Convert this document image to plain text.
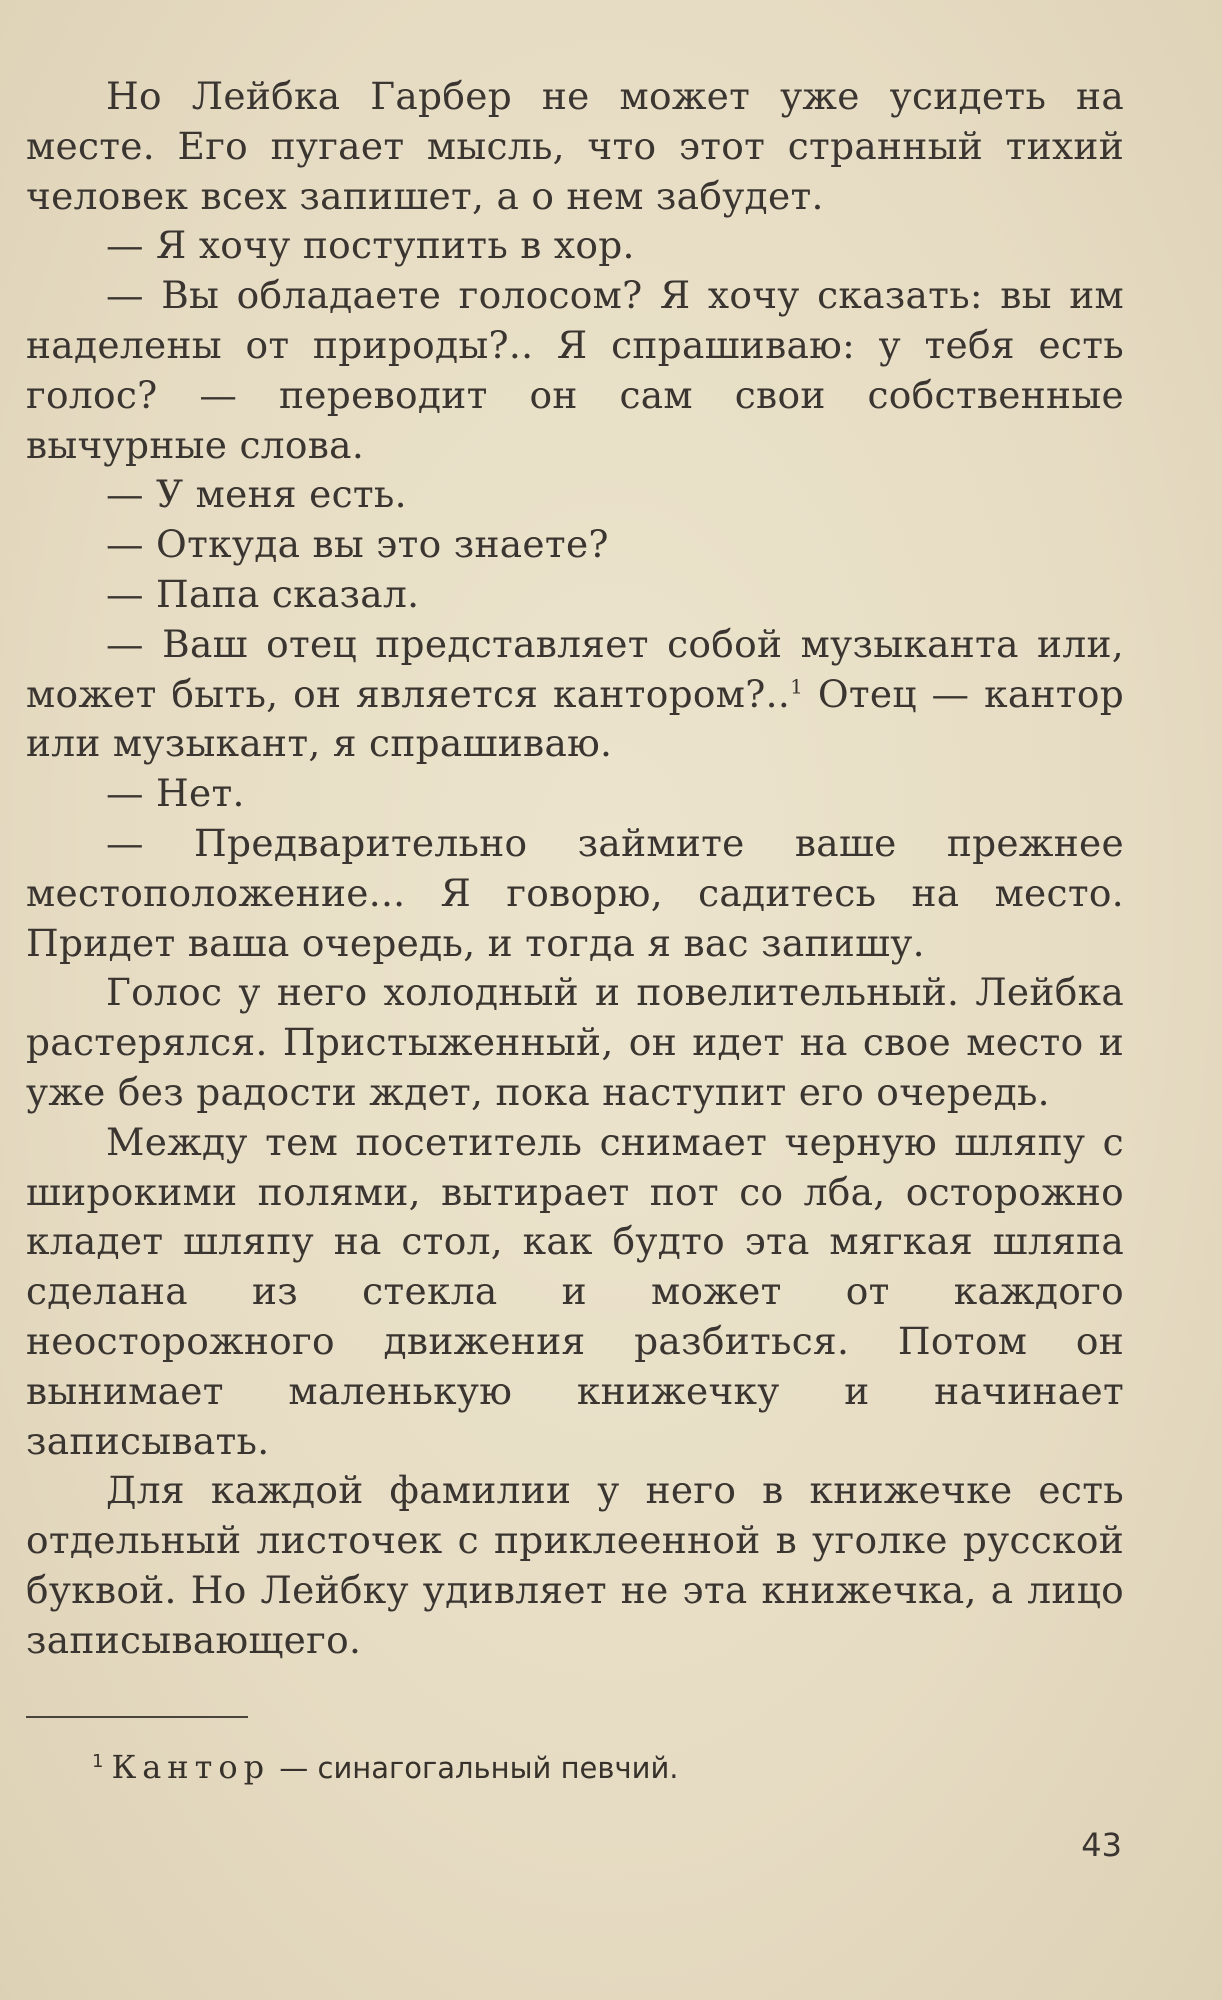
Но Лейбка Гарбер не может уже усидеть на месте. Его пугает мысль, что этот странный тихий человек всех запишет, а о нем забудет.

— Я хочу поступить в хор.

— Вы обладаете голосом? Я хочу сказать: вы им наделены от природы?.. Я спрашиваю: у тебя есть голос? — переводит он сам свои собственные вычурные слова.

— У меня есть.

— Откуда вы это знаете?

— Папа сказал.

— Ваш отец представляет собой музыканта или, может быть, он является кантором?..$^1$ Отец — кантор или музыкант, я спрашиваю.

— Нет.

— Предварительно займите ваше прежнее местоположение... Я говорю, садитесь на место. Придет ваша очередь, и тогда я вас запишу.

Голос у него холодный и повелительный. Лейбка растерялся. Пристыженный, он идет на свое место и уже без радости ждет, пока наступит его очередь.

Между тем посетитель снимает черную шляпу с широкими полями, вытирает пот со лба, осторожно кладет шляпу на стол, как будто эта мягкая шляпа сделана из стекла и может от каждого неосторожного движения разбиться. Потом он вынимает маленькую книжечку и начинает записывать.

Для каждой фамилии у него в книжечке есть отдельный листочек с приклеенной в уголке русской буквой. Но Лейбку удивляет не эта книжечка, а лицо записывающего.

$^1$ Кантор — синагогальный певчий.
43
